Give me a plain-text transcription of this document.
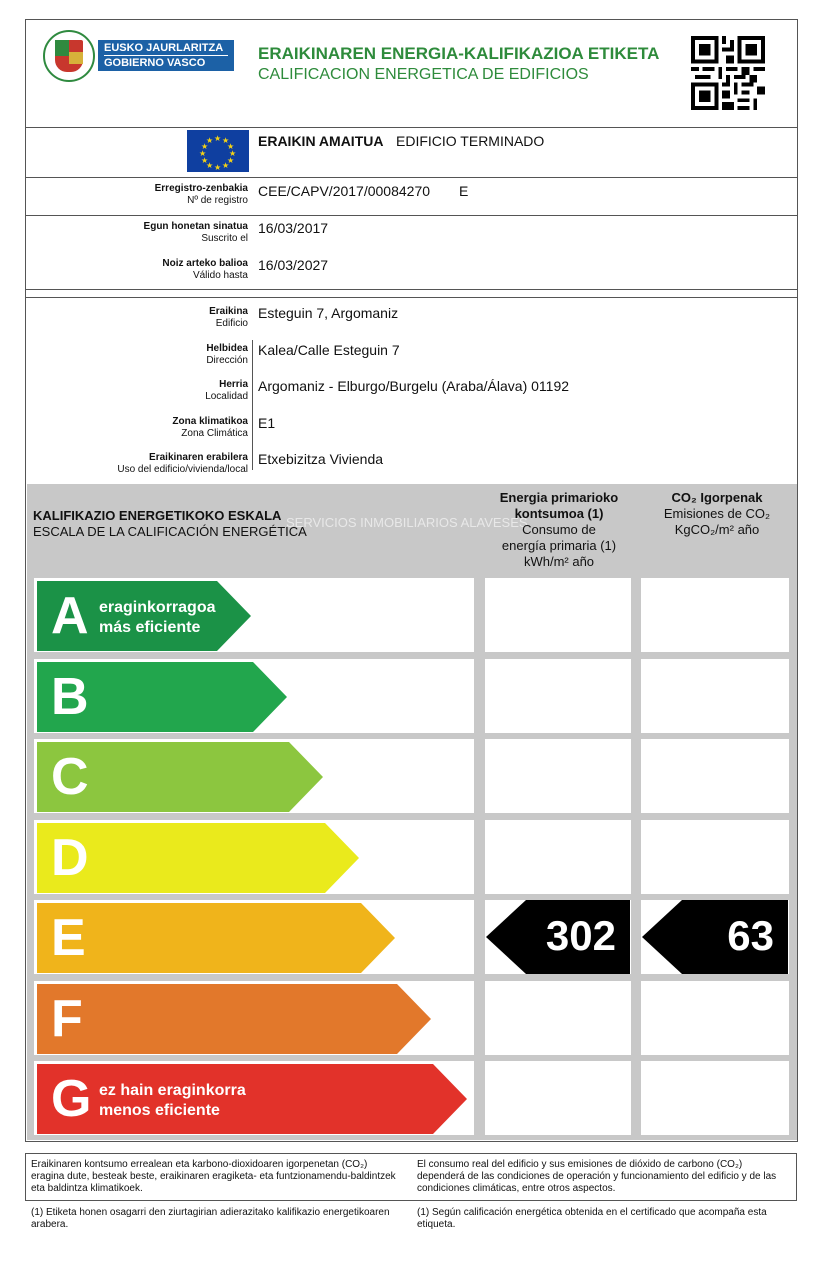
EUSKO JAURLARITZA
GOBIERNO VASCO	ERAIKINAREN ENERGIA-KALIFIKAZIOA ETIKETA
CALIFICACION ENERGETICA DE EDIFICIOS
★ ★
★
★
★
★
★
★
★
★
★
★	ERAIKIN AMAITUA EDIFICIO TERMINADO
Erregistro-zenbakia
Nº de registro
CEE/CAPV/2017/00084270 E
Egun honetan sinatua
Suscrito el
16/03/2017
Noiz arteko balioa
Válido hasta
16/03/2027
Eraikina
Edificio
Esteguin 7, Argomaniz
Helbidea
Dirección
Kalea/Calle Esteguin 7
Herria
Localidad
Argomaniz - Elburgo/Burgelu (Araba/Álava) 01192
Zona klimatikoa
Zona Climática
E1
Eraikinaren erabilera
Uso del edificio/vivienda/local
Etxebizitza Vivienda
KALIFIKAZIO ENERGETIKOKO ESKALA
ESCALA DE LA CALIFICACIÓN ENERGÉTICA
SERVICIOS INMOBILIARIOS ALAVESES
Energia primarioko
kontsumoa (1)
Consumo de
energía primaria (1)
kWh/m² año
CO₂ Igorpenak
Emisiones de CO₂
KgCO₂/m² año
A eraginkorragoa
más eficiente
B
C
D
E	302	63
F
G ez hain eraginkorra
menos eficiente
Eraikinaren kontsumo errealean eta karbono-dioxidoaren igorpenetan (CO₂) eragina dute, besteak beste, eraikinaren eragiketa- eta funtzionamendu-baldintzek eta baldintza klimatikoek.
El consumo real del edificio y sus emisiones de dióxido de carbono (CO₂) dependerá de las condiciones de operación y funcionamiento del edificio y de las condiciones climáticas, entre otros aspectos.
(1) Etiketa honen osagarri den ziurtagirian adierazitako kalifikazio energetikoaren arabera.
(1) Según calificación energética obtenida en el certificado que acompaña esta etiqueta.
